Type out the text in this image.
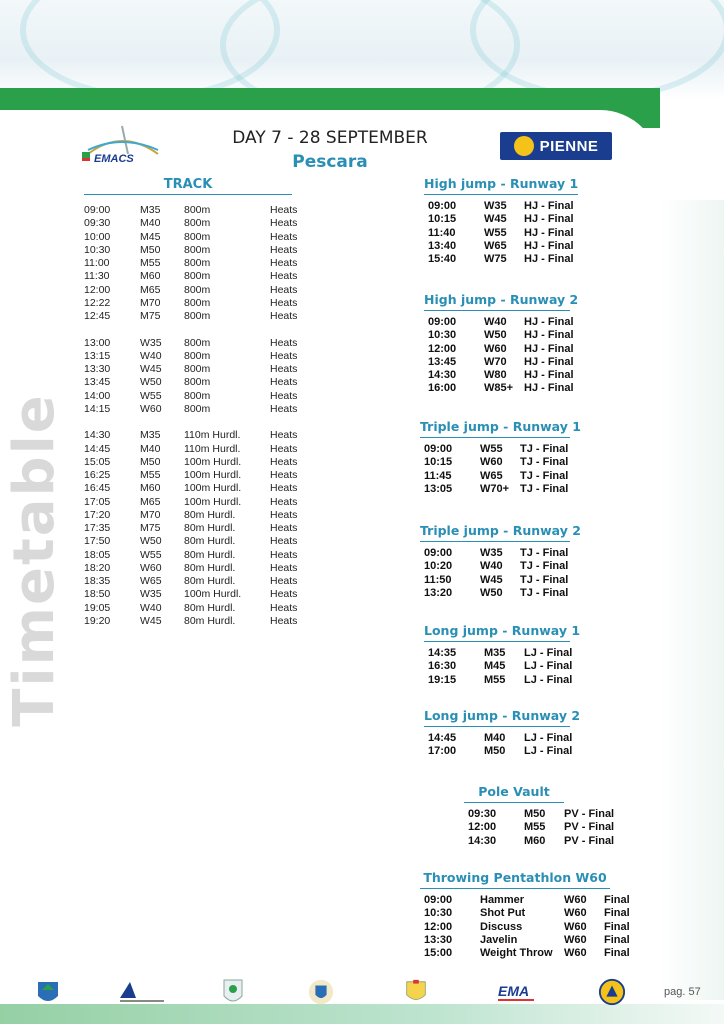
Timetable
EMACS
DAY 7 - 28 SEPTEMBER
Pescara
PIENNE
TRACK
09:00	M35 800m	Heats
09:30	M40 800m	Heats
10:00	M45 800m	Heats
10:30	M50 800m	Heats
11:00	M55 800m	Heats
11:30	M60 800m	Heats
12:00	M65 800m	Heats
12:22	M70 800m	Heats
12:45	M75 800m	Heats
13:00	W35 800m	Heats
13:15	W40 800m	Heats
13:30	W45 800m	Heats
13:45	W50 800m	Heats
14:00	W55 800m	Heats
14:15	W60 800m	Heats
14:30	M35 110m Hurdl.	Heats
14:45	M40 110m Hurdl.	Heats
15:05	M50 100m Hurdl.	Heats
16:25	M55 100m Hurdl.	Heats
16:45	M60 100m Hurdl.	Heats
17:05	M65 100m Hurdl.	Heats
17:20	M70 80m Hurdl.	Heats
17:35	M75 80m Hurdl.	Heats
17:50	W50 80m Hurdl.	Heats
18:05	W55 80m Hurdl.	Heats
18:20	W60 80m Hurdl.	Heats
18:35	W65 80m Hurdl.	Heats
18:50	W35 100m Hurdl.	Heats
19:05	W40 80m Hurdl.	Heats
19:20	W45 80m Hurdl.	Heats
High jump - Runway 1
09:00	W35 HJ - Final
10:15	W45 HJ - Final
11:40	W55 HJ - Final
13:40	W65 HJ - Final
15:40	W75 HJ - Final
High jump - Runway 2
09:00	W40 HJ - Final
10:30	W50 HJ - Final
12:00	W60 HJ - Final
13:45	W70 HJ - Final
14:30	W80 HJ - Final
16:00	W85+ HJ - Final
Triple jump - Runway 1
09:00	W55 TJ - Final
10:15	W60 TJ - Final
11:45	W65 TJ - Final
13:05	W70+ TJ - Final
Triple jump - Runway 2
09:00	W35 TJ - Final
10:20	W40 TJ - Final
11:50	W45 TJ - Final
13:20	W50 TJ - Final
Long jump - Runway 1
14:35	M35 LJ - Final
16:30	M45 LJ - Final
19:15	M55 LJ - Final
Long jump - Runway 2
14:45	M40 LJ - Final
17:00	M50 LJ - Final
Pole Vault
09:30	M50 PV - Final
12:00	M55 PV - Final
14:30	M60 PV - Final
Throwing Pentathlon W60
09:00	Hammer	W60 Final
10:30	Shot Put	W60 Final
12:00	Discuss	W60 Final
13:30	Javelin	W60 Final
15:00	Weight Throw W60 Final
EMA	pag. 57
